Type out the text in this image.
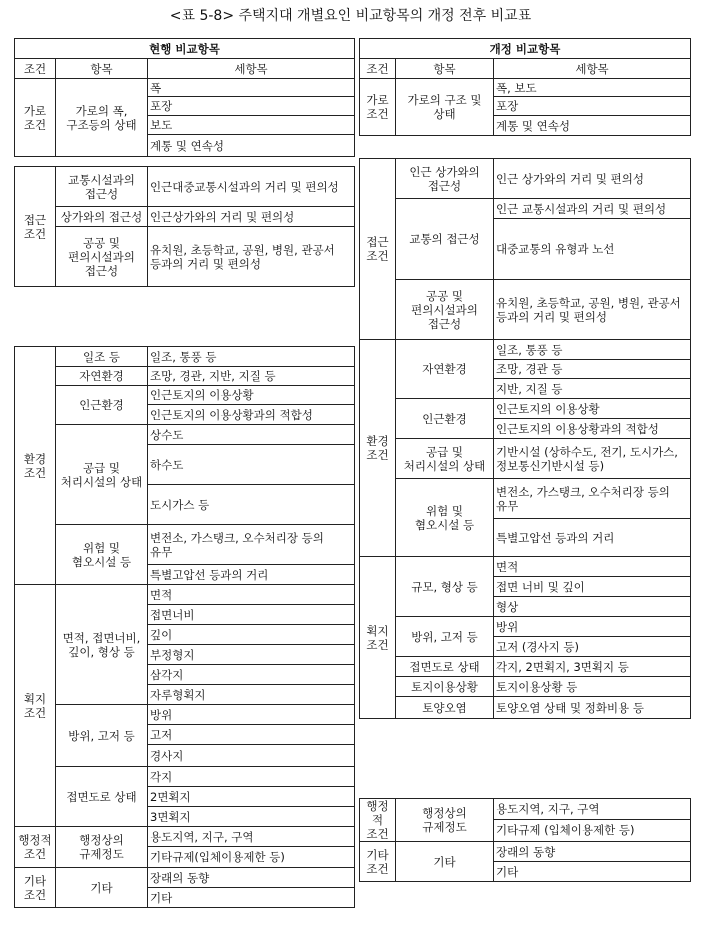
<표 5-8> 주택지대 개별요인 비교항목의 개정 전후 비교표
현행 비교항목		
조건	항목	세항목
가로
조건	가로의 폭,
구조등의 상태	폭
		포장
		보도
		계통 및 연속성

접근
조건	교통시설과의
접근성	인근대중교통시설과의 거리 및 편의성
	상가와의 접근성	인근상가와의 거리 및 편의성
	공공 및
편의시설과의
접근성	유치원, 초등학교, 공원, 병원, 관공서
등과의 거리 및 편의성

환경
조건	일조 등	일조, 통풍 등
	자연환경	조망, 경관, 지반, 지질 등
	인근환경	인근토지의 이용상황
		인근토지의 이용상황과의 적합성
	공급 및
처리시설의 상태	상수도
		하수도
		도시가스 등
	위험 및
혐오시설 등	변전소, 가스탱크, 오수처리장 등의
유무
		특별고압선 등과의 거리

획지
조건	면적, 접면너비,
깊이, 형상 등	면적
		접면너비
		깊이
		부정형지
		삼각지
		자루형획지
	방위, 고저 등	방위
		고저
		경사지
	접면도로 상태	각지
		2면획지
		3면획지
행정적
조건	행정상의
규제정도	용도지역, 지구, 구역
		기타규제(입체이용제한 등)
기타
조건	기타	장래의 동향
		기타
개정 비교항목		
조건	항목	세항목
가로
조건	가로의 구조 및
상태	폭, 보도
		포장
		계통 및 연속성

접근
조건	인근 상가와의
접근성	인근 상가와의 거리 및 편의성
	교통의 접근성	인근 교통시설과의 거리 및 편의성
		대중교통의 유형과 노선
	공공 및
편의시설과의
접근성	유치원, 초등학교, 공원, 병원, 관공서
등과의 거리 및 편의성
환경
조건	자연환경	일조, 통풍 등
		조망, 경관 등
		지반, 지질 등
	인근환경	인근토지의 이용상황
		인근토지의 이용상황과의 적합성
	공급 및
처리시설의 상태	기반시설 (상하수도, 전기, 도시가스,
정보통신기반시설 등)
	위험 및
혐오시설 등	변전소, 가스탱크, 오수처리장 등의
유무
		특별고압선 등과의 거리

획지
조건	규모, 형상 등	면적
		접면 너비 및 깊이
		형상
	방위, 고저 등	방위
		고저 (경사지 등)
	접면도로 상태	각지, 2면획지, 3면획지 등
	토지이용상황	토지이용상황 등
	토양오염	토양오염 상태 및 정화비용 등

행정적
조건	행정상의
규제정도	용도지역, 지구, 구역
		기타규제 (입체이용제한 등)
기타
조건	기타	장래의 동향
		기타
